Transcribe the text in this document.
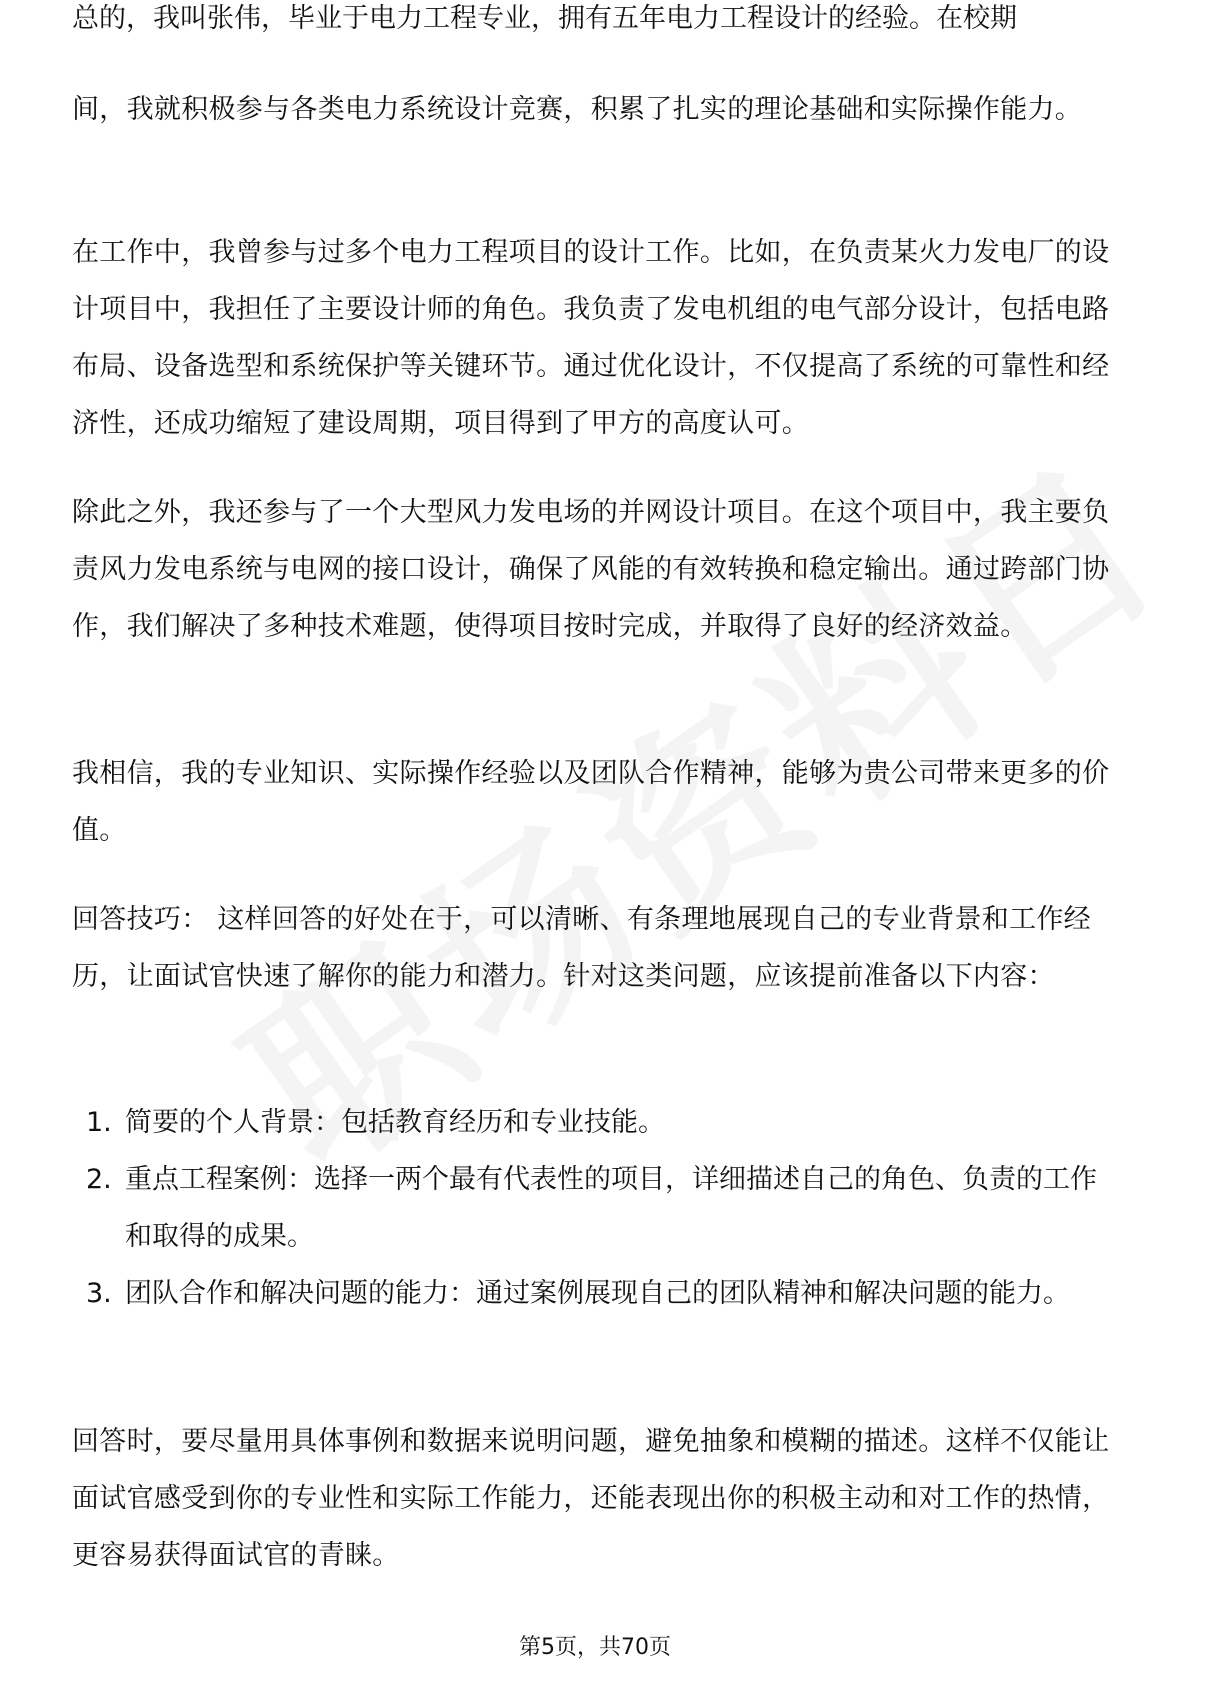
总的，我叫张伟，毕业于电力工程专业，拥有五年电力工程设计的经验。在校期

间，我就积极参与各类电力系统设计竞赛，积累了扎实的理论基础和实际操作能力。

在工作中，我曾参与过多个电力工程项目的设计工作。比如，在负责某火力发电厂的设计项目中，我担任了主要设计师的角色。我负责了发电机组的电气部分设计，包括电路布局、设备选型和系统保护等关键环节。通过优化设计，不仅提高了系统的可靠性和经济性，还成功缩短了建设周期，项目得到了甲方的高度认可。

除此之外，我还参与了一个大型风力发电场的并网设计项目。在这个项目中，我主要负责风力发电系统与电网的接口设计，确保了风能的有效转换和稳定输出。通过跨部门协作，我们解决了多种技术难题，使得项目按时完成，并取得了良好的经济效益。

我相信，我的专业知识、实际操作经验以及团队合作精神，能够为贵公司带来更多的价值。

回答技巧： 这样回答的好处在于，可以清晰、有条理地展现自己的专业背景和工作经历，让面试官快速了解你的能力和潜力。针对这类问题，应该提前准备以下内容：

1. 简要的个人背景：包括教育经历和专业技能。
2. 重点工程案例：选择一两个最有代表性的项目，详细描述自己的角色、负责的工作和取得的成果。
3. 团队合作和解决问题的能力：通过案例展现自己的团队精神和解决问题的能力。

回答时，要尽量用具体事例和数据来说明问题，避免抽象和模糊的描述。这样不仅能让面试官感受到你的专业性和实际工作能力，还能表现出你的积极主动和对工作的热情，更容易获得面试官的青睐。

第5页，共70页
